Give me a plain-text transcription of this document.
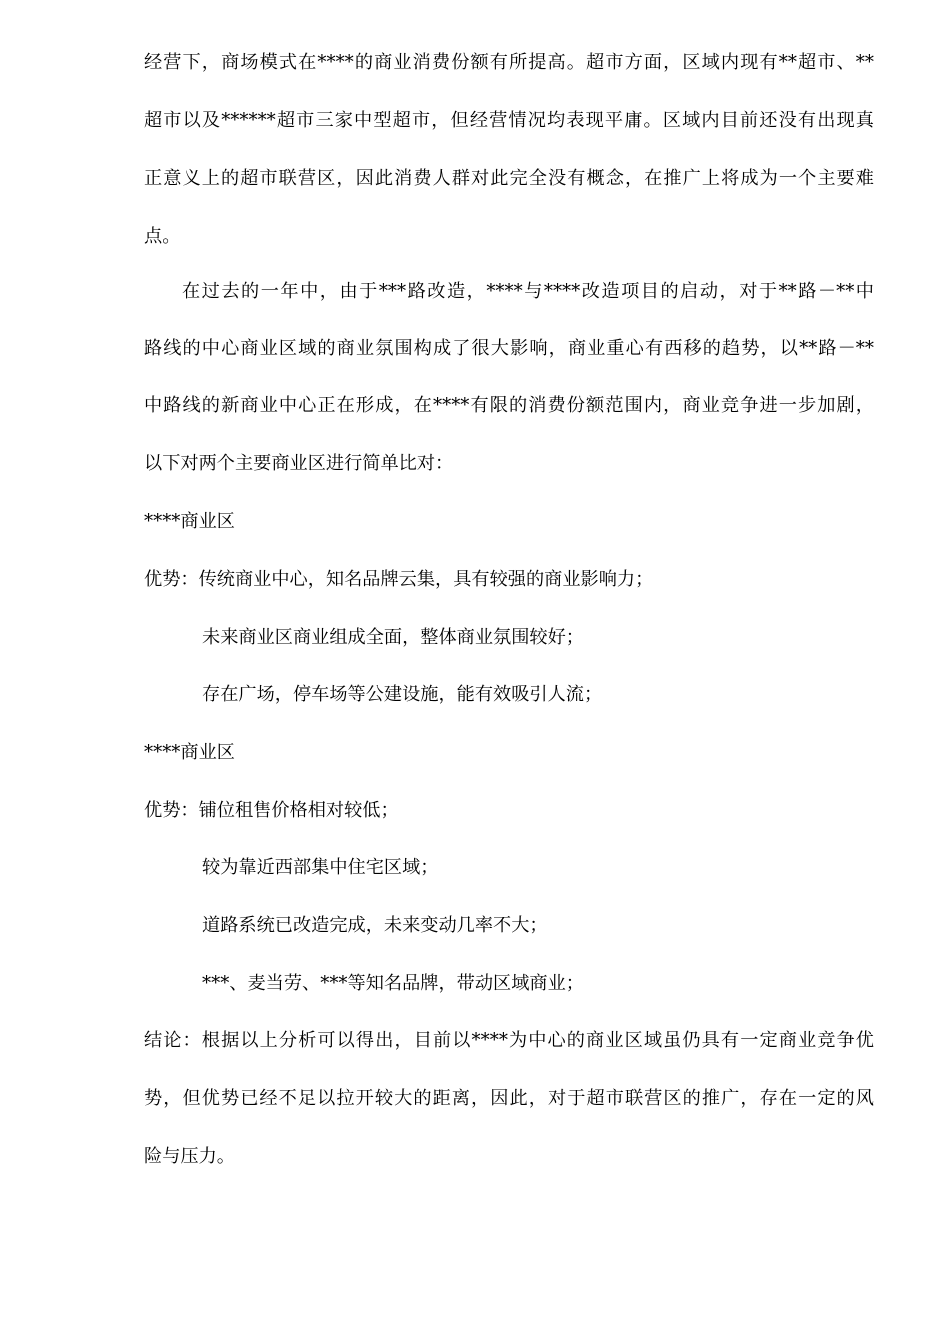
经营下，商场模式在****的商业消费份额有所提高。超市方面，区域内现有**超市、**
超市以及******超市三家中型超市，但经营情况均表现平庸。区域内目前还没有出现真
正意义上的超市联营区，因此消费人群对此完全没有概念，在推广上将成为一个主要难
点。
在过去的一年中，由于***路改造，****与****改造项目的启动，对于**路－**中
路线的中心商业区域的商业氛围构成了很大影响，商业重心有西移的趋势，以**路－**
中路线的新商业中心正在形成，在****有限的消费份额范围内，商业竞争进一步加剧，
以下对两个主要商业区进行简单比对：
****商业区
优势：传统商业中心，知名品牌云集，具有较强的商业影响力；
未来商业区商业组成全面，整体商业氛围较好；
存在广场，停车场等公建设施，能有效吸引人流；
****商业区
优势：铺位租售价格相对较低；
较为靠近西部集中住宅区域；
道路系统已改造完成，未来变动几率不大；
***、麦当劳、***等知名品牌，带动区域商业；
结论：根据以上分析可以得出，目前以****为中心的商业区域虽仍具有一定商业竞争优
势，但优势已经不足以拉开较大的距离，因此，对于超市联营区的推广，存在一定的风
险与压力。
